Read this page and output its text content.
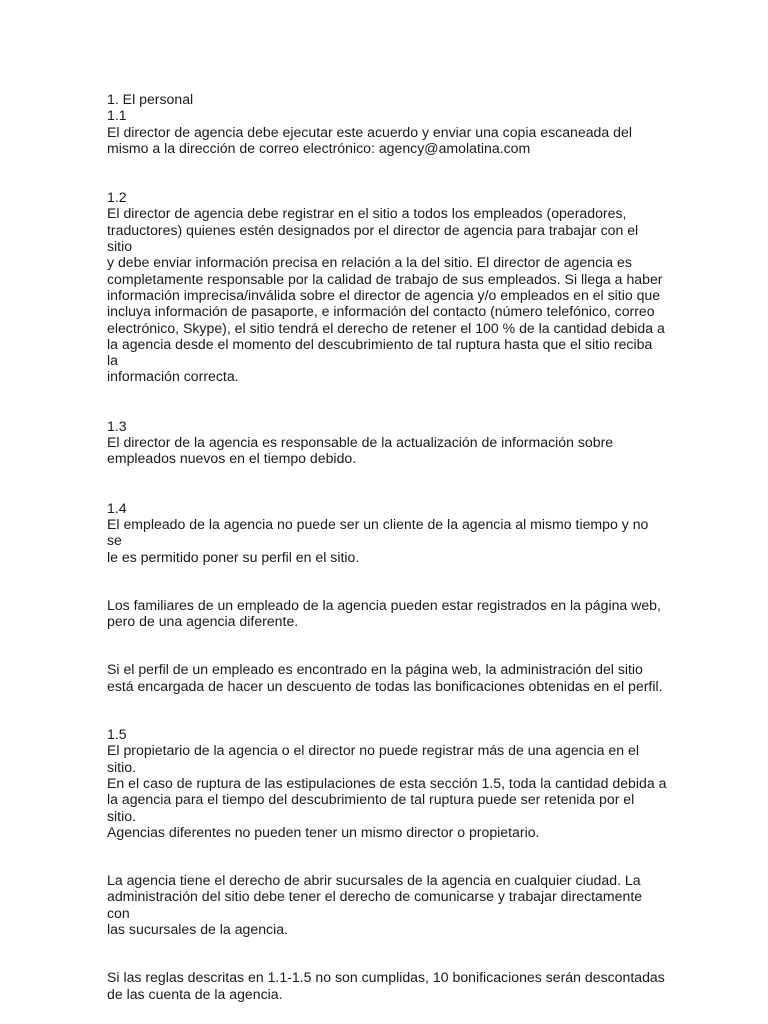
1. El personal

1.1

El director de agencia debe ejecutar este acuerdo y enviar una copia escaneada del
mismo a la dirección de correo electrónico: agency@amolatina.com

1.2

El director de agencia debe registrar en el sitio a todos los empleados (operadores,
traductores) quienes estén designados por el director de agencia para trabajar con el sitio
y debe enviar información precisa en relación a la del sitio. El director de agencia es
completamente responsable por la calidad de trabajo de sus empleados. Si llega a haber
información imprecisa/inválida sobre el director de agencia y/o empleados en el sitio que
incluya información de pasaporte, e información del contacto (número telefónico, correo
electrónico, Skype), el sitio tendrá el derecho de retener el 100 % de la cantidad debida a
la agencia desde el momento del descubrimiento de tal ruptura hasta que el sitio reciba la
información correcta.

1.3

El director de la agencia es responsable de la actualización de información sobre
empleados nuevos en el tiempo debido.

1.4

El empleado de la agencia no puede ser un cliente de la agencia al mismo tiempo y no se
le es permitido poner su perfil en el sitio.

Los familiares de un empleado de la agencia pueden estar registrados en la página web,
pero de una agencia diferente.

Si el perfil de un empleado es encontrado en la página web, la administración del sitio
está encargada de hacer un descuento de todas las bonificaciones obtenidas en el perfil.

1.5

El propietario de la agencia o el director no puede registrar más de una agencia en el sitio.
En el caso de ruptura de las estipulaciones de esta sección 1.5, toda la cantidad debida a
la agencia para el tiempo del descubrimiento de tal ruptura puede ser retenida por el sitio.
Agencias diferentes no pueden tener un mismo director o propietario.

La agencia tiene el derecho de abrir sucursales de la agencia en cualquier ciudad. La
administración del sitio debe tener el derecho de comunicarse y trabajar directamente con
las sucursales de la agencia.

Si las reglas descritas en 1.1-1.5 no son cumplidas, 10 bonificaciones serán descontadas
de las cuenta de la agencia.
